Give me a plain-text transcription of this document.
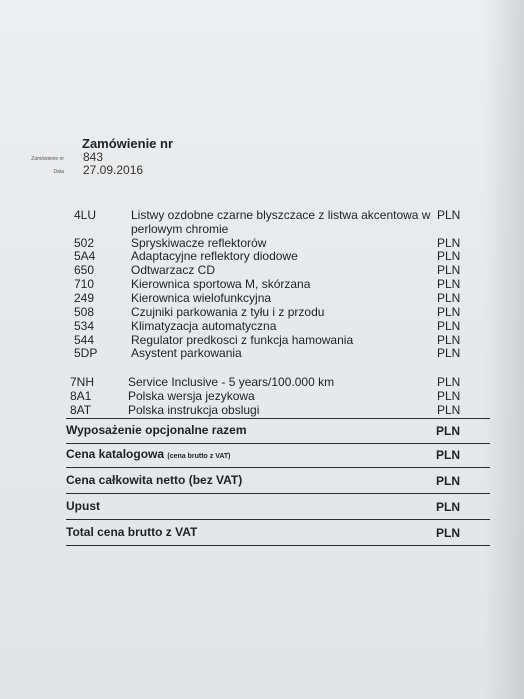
Zamówienie nr
Zamówienie nr 843
Data 27.09.2016
4LU	Listwy ozdobne czarne blyszczace z listwa akcentowa w PLN
perlowym chromie
502	Spryskiwacze reflektorów	PLN
5A4	Adaptacyjne reflektory diodowe	PLN
650	Odtwarzacz CD	PLN
710	Kierownica sportowa M, skórzana	PLN
249	Kierownica wielofunkcyjna	PLN
508	Czujniki parkowania z tyłu i z przodu	PLN
534	Klimatyzacja automatyczna	PLN
544	Regulator predkosci z funkcja hamowania	PLN
5DP	Asystent parkowania	PLN
7NH	Service Inclusive - 5 years/100.000 km	PLN
8A1	Polska wersja jezykowa	PLN
8AT	Polska instrukcja obslugi	PLN
Wyposażenie opcjonalne razem	PLN
Cena katalogowa (cena brutto z VAT)	PLN
Cena całkowita netto (bez VAT)	PLN
Upust	PLN
Total cena brutto z VAT	PLN
